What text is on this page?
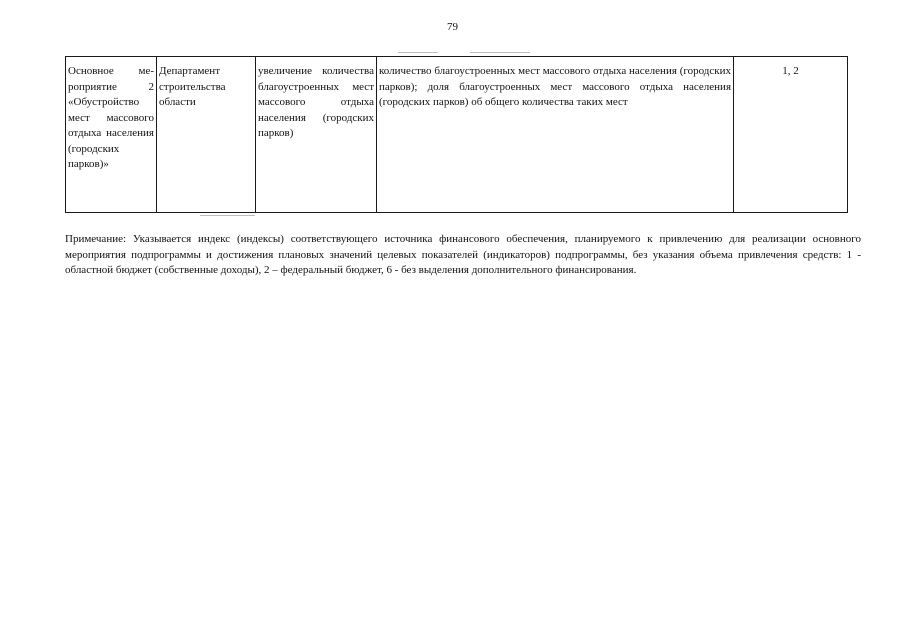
79
Основное мероприятие 2 «Обустройство мест массового отдыха населения (городских парков)»	Департамент строительства области	увеличение количества благоустроенных мест массового отдыха населения (городских парков)	количество благоустроенных мест массового отдыха населения (городских парков); доля благоустроенных мест массового отдыха населения (городских парков) об общего количества таких мест	1, 2

Примечание: Указывается индекс (индексы) соответствующего источника финансового обеспечения, планируемого к привлечению для реализации основного мероприятия подпрограммы и достижения плановых значений целевых показателей (индикаторов) подпрограммы, без указания объема привлечения средств: 1 - областной бюджет (собственные доходы), 2 – федеральный бюджет, 6 - без выделения дополнительного финансирования.
